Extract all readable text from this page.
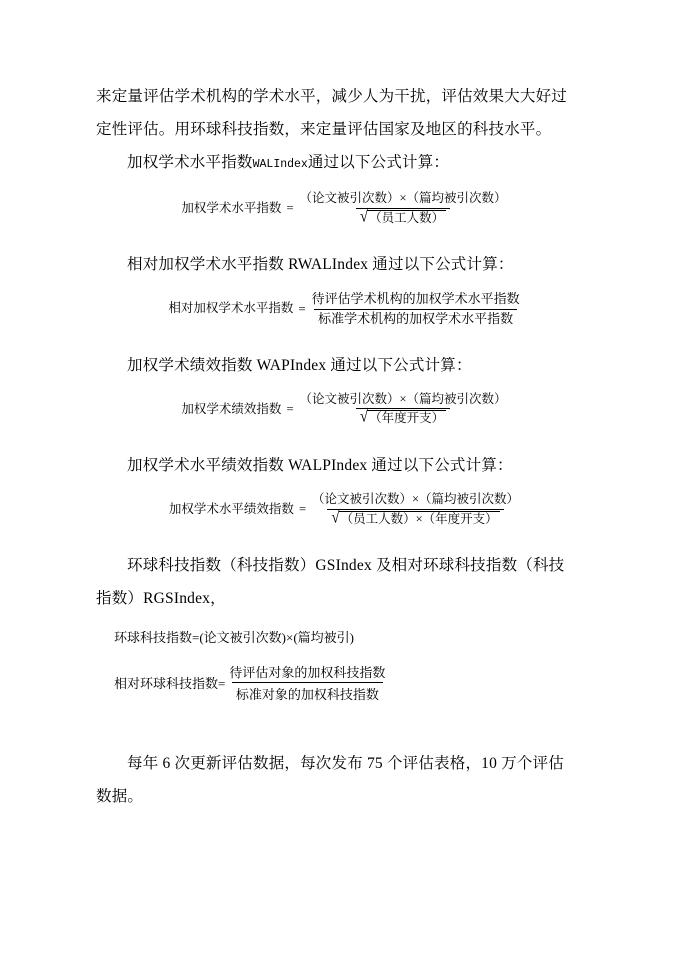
来定量评估学术机构的学术水平，减少人为干扰，评估效果大大好过

定性评估。用环球科技指数，来定量评估国家及地区的科技水平。

加权学术水平指数WALIndex通过以下公式计算：

加权学术水平指数 = $\frac{\text{（论文被引次数）×（篇均被引次数）}}{\text{√ （员工人数）}}$

相对加权学术水平指数 RWALIndex 通过以下公式计算：

相对加权学术水平指数 = $\frac{\text{待评估学术机构的加权学术水平指数}}{\text{标准学术机构的加权学术水平指数}}$

加权学术绩效指数 WAPIndex 通过以下公式计算：

加权学术绩效指数 = $\frac{\text{（论文被引次数）×（篇均被引次数）}}{\text{√ （年度开支）}}$

加权学术水平绩效指数 WALPIndex 通过以下公式计算：

加权学术水平绩效指数 = $\frac{\text{（论文被引次数）×（篇均被引次数）}}{\text{√ （员工人数）×（年度开支）}}$

环球科技指数（科技指数）GSIndex 及相对环球科技指数（科技

指数）RGSIndex，

环球科技指数=(论文被引次数)×(篇均被引)
相对环球科技指数= $\frac{\text{待评估对象的加权科技指数}}{\text{标准对象的加权科技指数}}$

每年 6 次更新评估数据，每次发布 75 个评估表格，10 万个评估

数据。
